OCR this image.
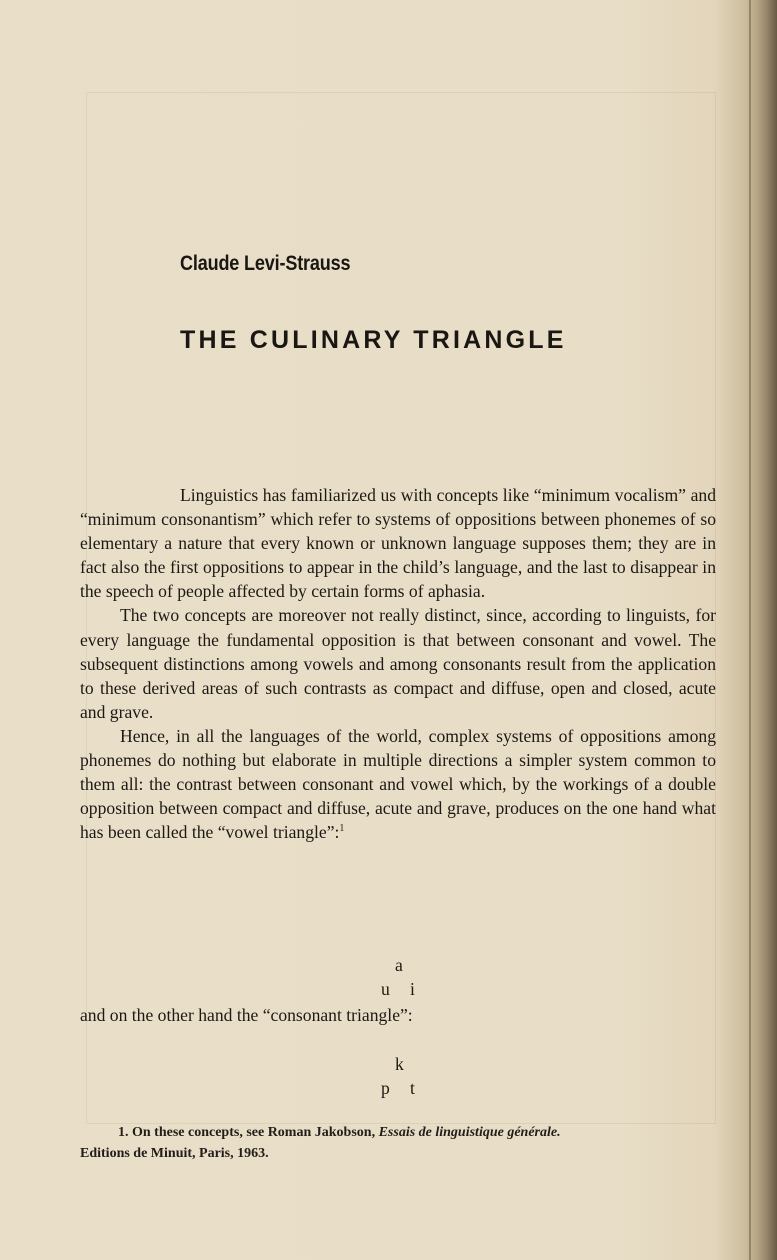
Claude Levi-Strauss
THE CULINARY TRIANGLE

Linguistics has familiarized us with concepts like “minimum vocalism” and “minimum consonantism” which refer to systems of oppositions between phonemes of so elementary a nature that every known or unknown language supposes them; they are in fact also the first oppositions to appear in the child’s language, and the last to disappear in the speech of people affected by certain forms of aphasia.

The two concepts are moreover not really distinct, since, according to linguists, for every language the fundamental opposition is that between consonant and vowel. The subsequent distinctions among vowels and among consonants result from the application to these derived areas of such contrasts as compact and diffuse, open and closed, acute and grave.

Hence, in all the languages of the world, complex systems of oppositions among phonemes do nothing but elaborate in multiple directions a simpler system common to them all: the contrast between consonant and vowel which, by the workings of a double opposition between compact and diffuse, acute and grave, produces on the one hand what has been called the “vowel triangle”:$^1$

a
u i
and on the other hand the “consonant triangle”:
k
p t
1. On these concepts, see Roman Jakobson, Essais de linguistique générale.
Editions de Minuit, Paris, 1963.
